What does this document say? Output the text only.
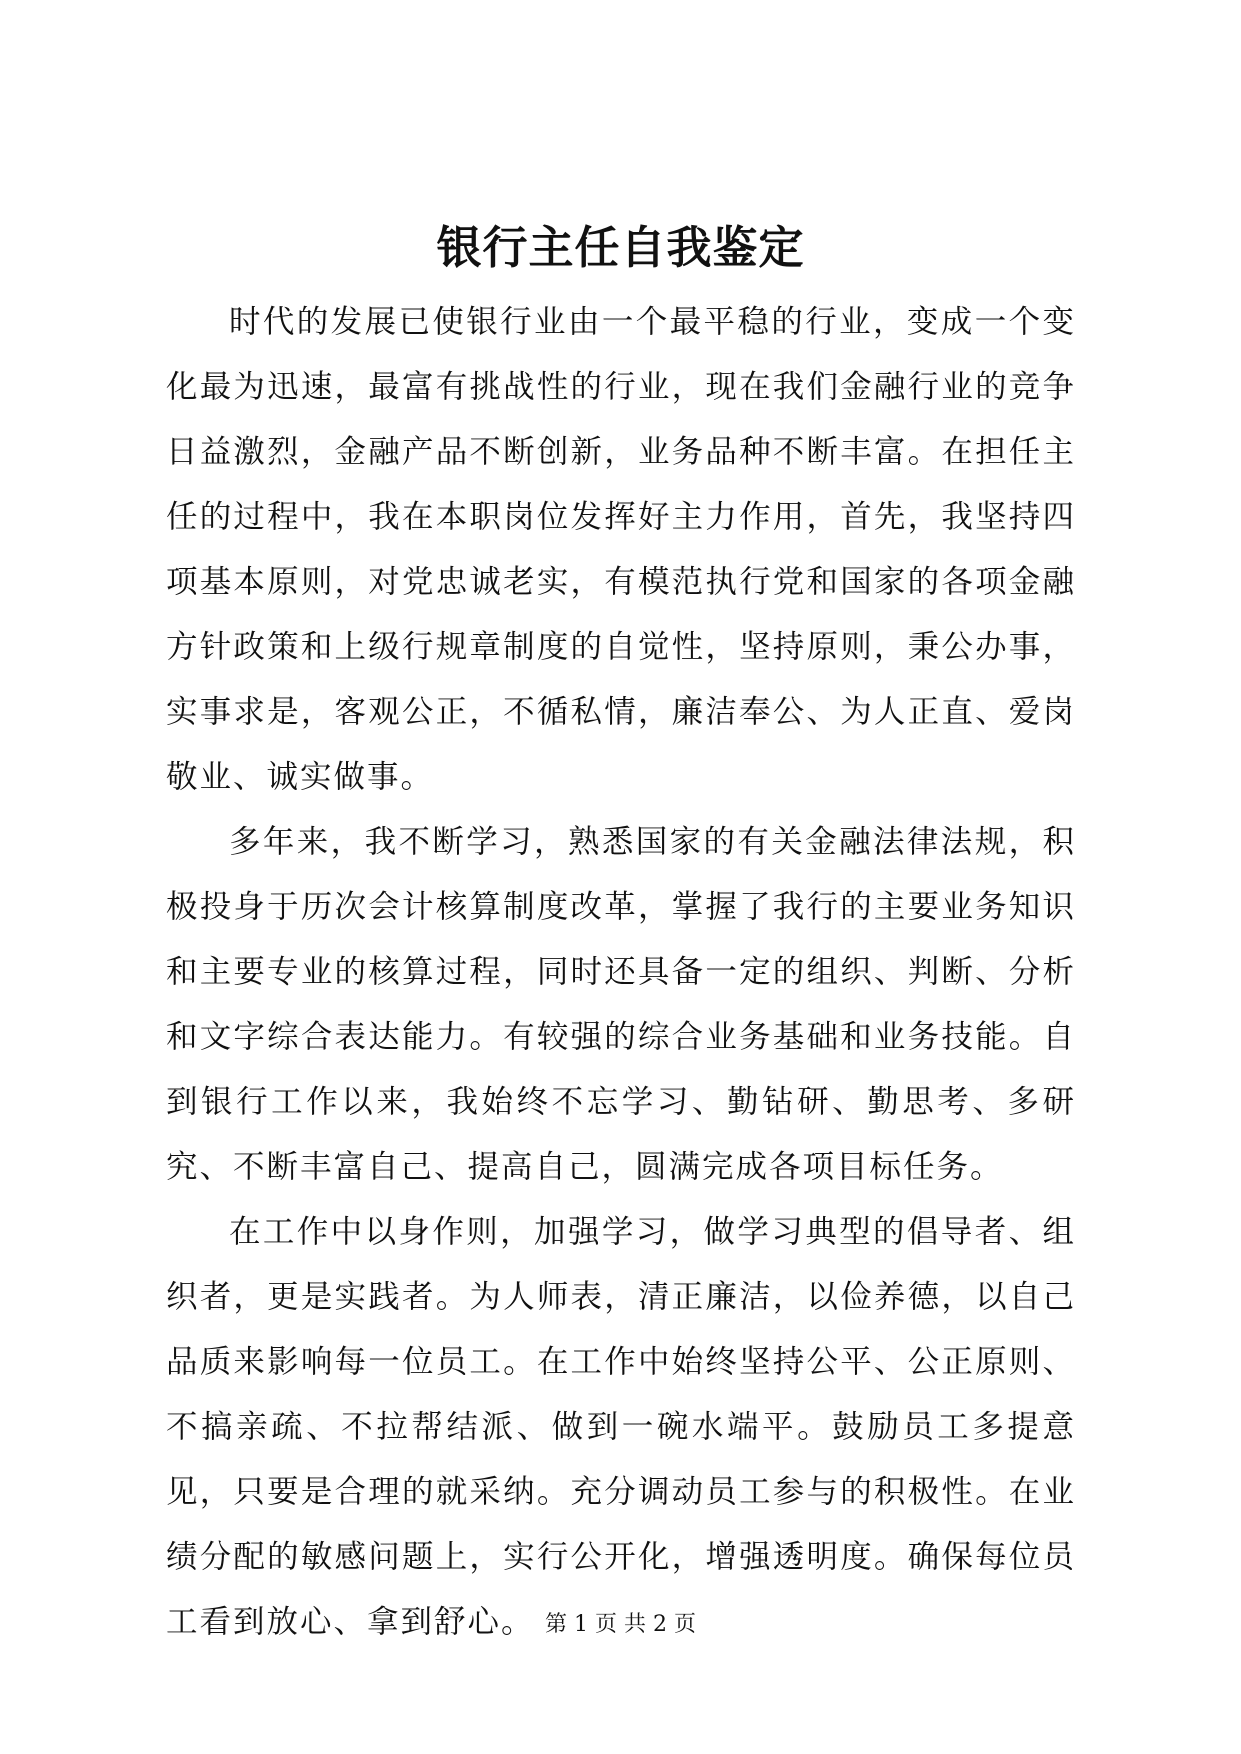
银行主任自我鉴定

时代的发展已使银行业由一个最平稳的行业，变成一个变化最为迅速，最富有挑战性的行业，现在我们金融行业的竞争日益激烈，金融产品不断创新，业务品种不断丰富。在担任主任的过程中，我在本职岗位发挥好主力作用，首先，我坚持四项基本原则，对党忠诚老实，有模范执行党和国家的各项金融方针政策和上级行规章制度的自觉性，坚持原则，秉公办事，实事求是，客观公正，不循私情，廉洁奉公、为人正直、爱岗敬业、诚实做事。

多年来，我不断学习，熟悉国家的有关金融法律法规，积极投身于历次会计核算制度改革，掌握了我行的主要业务知识和主要专业的核算过程，同时还具备一定的组织、判断、分析和文字综合表达能力。有较强的综合业务基础和业务技能。自到银行工作以来，我始终不忘学习、勤钻研、勤思考、多研究、不断丰富自己、提高自己，圆满完成各项目标任务。

在工作中以身作则，加强学习，做学习典型的倡导者、组织者，更是实践者。为人师表，清正廉洁，以俭养德，以自己品质来影响每一位员工。在工作中始终坚持公平、公正原则、不搞亲疏、不拉帮结派、做到一碗水端平。鼓励员工多提意见，只要是合理的就采纳。充分调动员工参与的积极性。在业绩分配的敏感问题上，实行公开化，增强透明度。确保每位员工看到放心、拿到舒心。 第 1 页 共 2 页
